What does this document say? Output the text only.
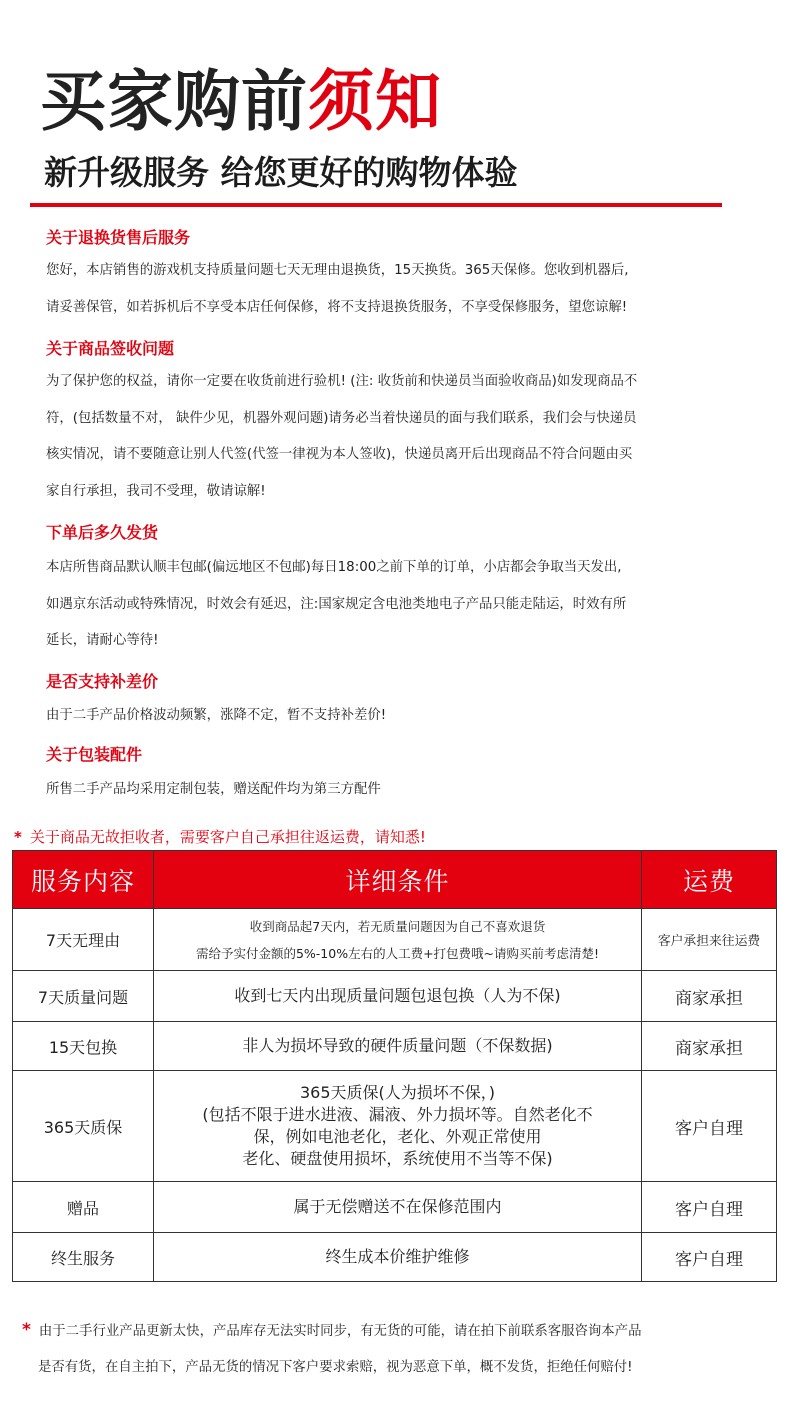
买家购前须知
新升级服务 给您更好的购物体验
关于退换货售后服务
您好，本店销售的游戏机支持质量问题七天无理由退换货，15天换货。365天保修。您收到机器后,
请妥善保管，如若拆机后不享受本店任何保修，将不支持退换货服务，不享受保修服务，望您谅解!
关于商品签收问题
为了保护您的权益，请你一定要在收货前进行验机! (注: 收货前和快递员当面验收商品)如发现商品不
符，(包括数量不对， 缺件少见，机器外观问题)请务必当着快递员的面与我们联系，我们会与快递员
核实情况，请不要随意让别人代签(代签一律视为本人签收)，快递员离开后出现商品不符合问题由买
家自行承担，我司不受理，敬请谅解!
下单后多久发货
本店所售商品默认顺丰包邮(偏远地区不包邮)每日18:00之前下单的订单，小店都会争取当天发出,
如遇京东活动或特殊情况，时效会有延迟，注:国家规定含电池类地电子产品只能走陆运，时效有所
延长，请耐心等待!
是否支持补差价
由于二手产品价格波动频繁，涨降不定，暂不支持补差价!
关于包装配件
所售二手产品均采用定制包装，赠送配件均为第三方配件
* 关于商品无故拒收者，需要客户自己承担往返运费，请知悉!
服务内容	详细条件	运费
7天无理由	收到商品起7天内，若无质量问题因为自己不喜欢退货
需给予实付金额的5%-10%左右的人工费+打包费哦~请购买前考虑清楚!	客户承担来往运费
7天质量问题	收到七天内出现质量问题包退包换（人为不保)	商家承担
15天包换	非人为损坏导致的硬件质量问题（不保数据)	商家承担
365天质保	365天质保(人为损坏不保，)
(包括不限于进水进液、漏液、外力损坏等。自然老化不
保，例如电池老化，老化、外观正常使用
老化、硬盘使用损坏，系统使用不当等不保)	客户自理
赠品	属于无偿赠送不在保修范围内	客户自理
终生服务	终生成本价维护维修	客户自理
* 由于二手行业产品更新太快，产品库存无法实时同步，有无货的可能，请在拍下前联系客服咨询本产品
是否有货，在自主拍下，产品无货的情况下客户要求索赔，视为恶意下单，概不发货，拒绝任何赔付!
